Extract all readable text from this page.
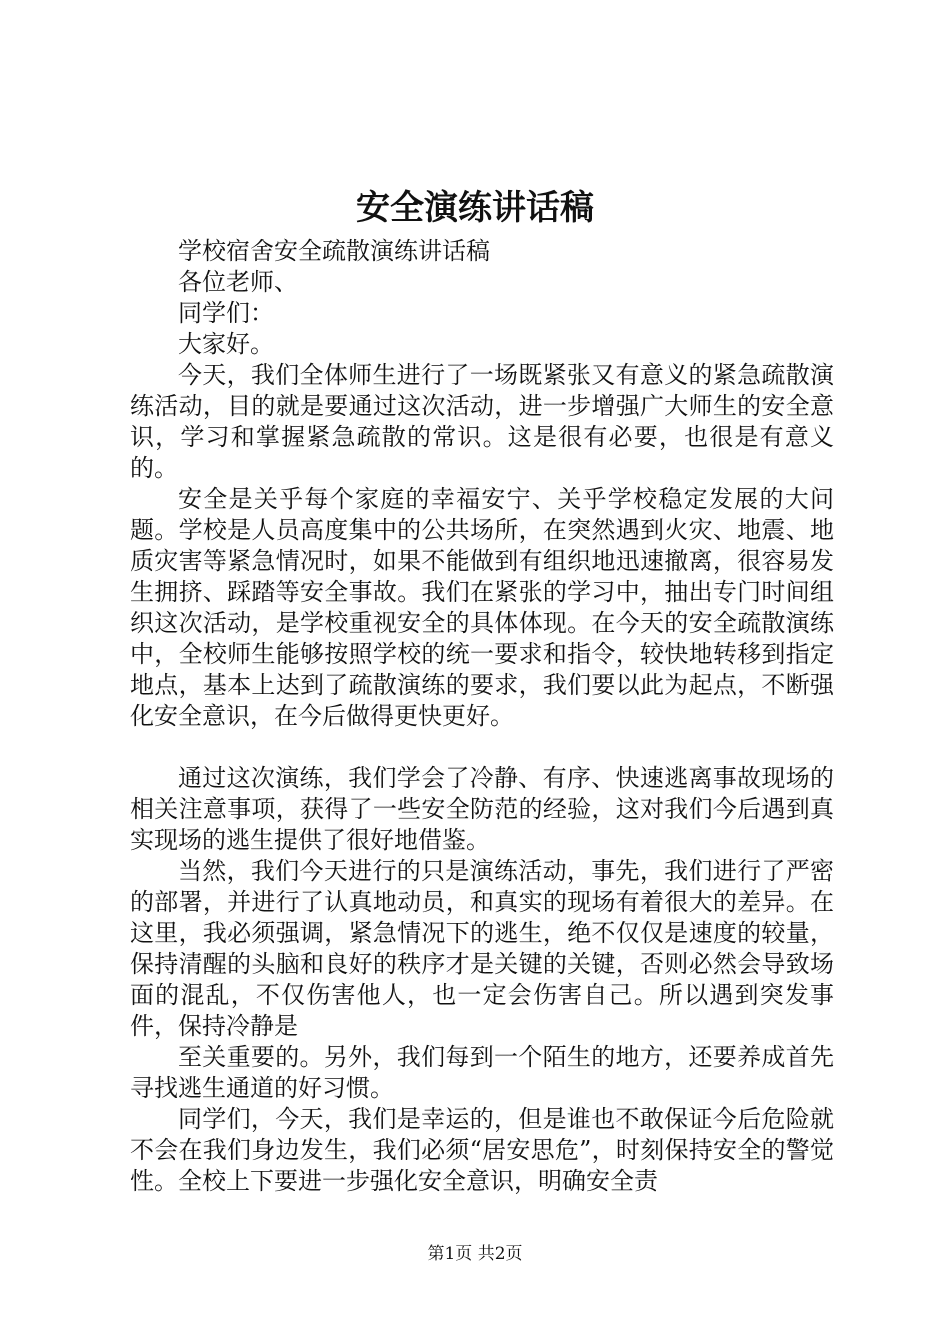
安全演练讲话稿

学校宿舍安全疏散演练讲话稿

各位老师、

同学们：

大家好。

今天，我们全体师生进行了一场既紧张又有意义的紧急疏散演练活动，目的就是要通过这次活动，进一步增强广大师生的安全意识，学习和掌握紧急疏散的常识。这是很有必要，也很是有意义的。

安全是关乎每个家庭的幸福安宁、关乎学校稳定发展的大问题。学校是人员高度集中的公共场所，在突然遇到火灾、地震、地质灾害等紧急情况时，如果不能做到有组织地迅速撤离，很容易发生拥挤、踩踏等安全事故。我们在紧张的学习中，抽出专门时间组织这次活动，是学校重视安全的具体体现。在今天的安全疏散演练中，全校师生能够按照学校的统一要求和指令，较快地转移到指定地点，基本上达到了疏散演练的要求，我们要以此为起点，不断强化安全意识，在今后做得更快更好。

通过这次演练，我们学会了冷静、有序、快速逃离事故现场的相关注意事项，获得了一些安全防范的经验，这对我们今后遇到真实现场的逃生提供了很好地借鉴。

当然，我们今天进行的只是演练活动，事先，我们进行了严密的部署，并进行了认真地动员，和真实的现场有着很大的差异。在这里，我必须强调，紧急情况下的逃生，绝不仅仅是速度的较量，保持清醒的头脑和良好的秩序才是关键的关键，否则必然会导致场面的混乱，不仅伤害他人，也一定会伤害自己。所以遇到突发事件，保持冷静是

至关重要的。另外，我们每到一个陌生的地方，还要养成首先寻找逃生通道的好习惯。

同学们，今天，我们是幸运的，但是谁也不敢保证今后危险就不会在我们身边发生，我们必须“居安思危”，时刻保持安全的警觉性。全校上下要进一步强化安全意识，明确安全责

第1页 共2页
